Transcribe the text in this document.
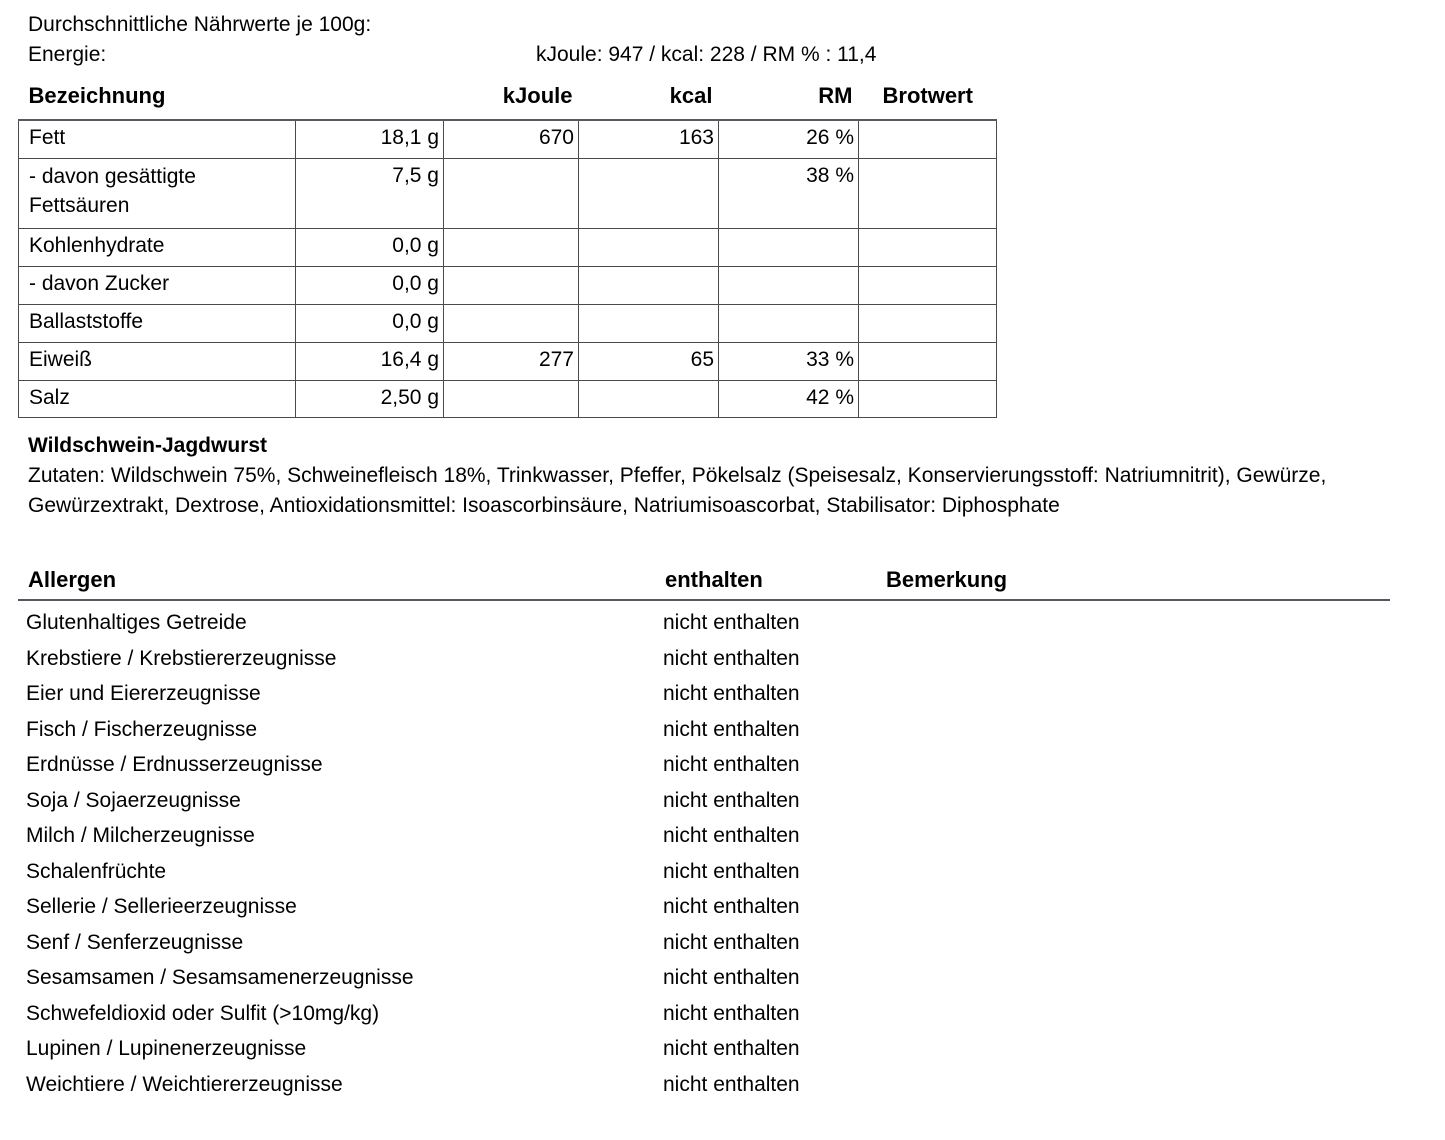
Durchschnittliche Nährwerte je 100g:
Energie:	kJoule: 947 / kcal: 228 / RM % : 11,4
Bezeichnung		kJoule	kcal	RM	Brotwert

Fett	18,1 g	670	163	26 %	
- davon gesättigte Fettsäuren	7,5 g			38 %	
Kohlenhydrate	0,0 g				
- davon Zucker	0,0 g				
Ballaststoffe	0,0 g				
Eiweiß	16,4 g	277	65	33 %	
Salz	2,50 g			42 %	
Wildschwein-Jagdwurst
Zutaten: Wildschwein 75%, Schweinefleisch 18%, Trinkwasser, Pfeffer, Pökelsalz (Speisesalz, Konservierungsstoff: Natriumnitrit), Gewürze, Gewürzextrakt, Dextrose, Antioxidationsmittel: Isoascorbinsäure, Natriumisoascorbat, Stabilisator: Diphosphate
Allergen	enthalten	Bemerkung
Glutenhaltiges Getreide	nicht enthalten
Krebstiere / Krebstiererzeugnisse	nicht enthalten
Eier und Eiererzeugnisse	nicht enthalten
Fisch / Fischerzeugnisse	nicht enthalten
Erdnüsse / Erdnusserzeugnisse	nicht enthalten
Soja / Sojaerzeugnisse	nicht enthalten
Milch / Milcherzeugnisse	nicht enthalten
Schalenfrüchte	nicht enthalten
Sellerie / Sellerieerzeugnisse	nicht enthalten
Senf / Senferzeugnisse	nicht enthalten
Sesamsamen / Sesamsamenerzeugnisse	nicht enthalten
Schwefeldioxid oder Sulfit (>10mg/kg)	nicht enthalten
Lupinen / Lupinenerzeugnisse	nicht enthalten
Weichtiere / Weichtiererzeugnisse	nicht enthalten
